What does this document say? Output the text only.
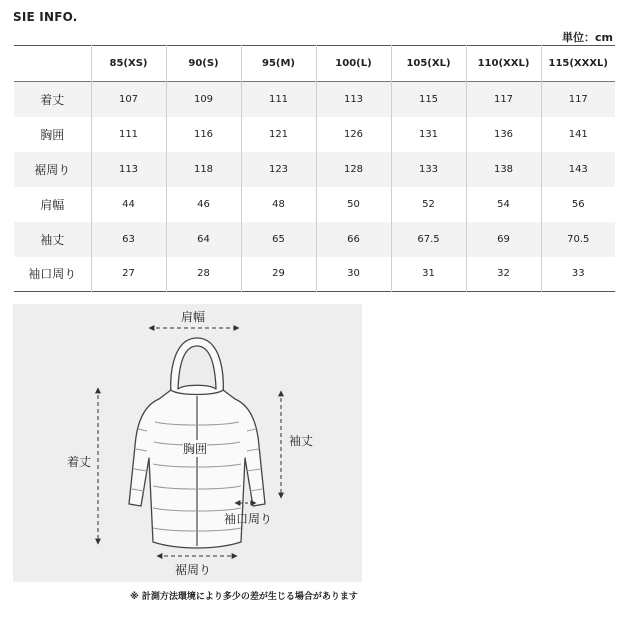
SIE INFO.
単位：cm
	85(XS)	90(S)	95(M)	100(L)	105(XL)	110(XXL)	115(XXXL)
着丈	107	109	111	113	115	117	117
胸囲	111	116	121	126	131	136	141
裾周り	113	118	123	128	133	138	143
肩幅	44	46	48	50	52	54	56
袖丈	63	64	65	66	67.5	69	70.5
袖口周り	27	28	29	30	31	32	33
肩幅
着丈
胸囲
袖丈
袖口周り
裾周り
※ 計測方法環境により多少の差が生じる場合があります
